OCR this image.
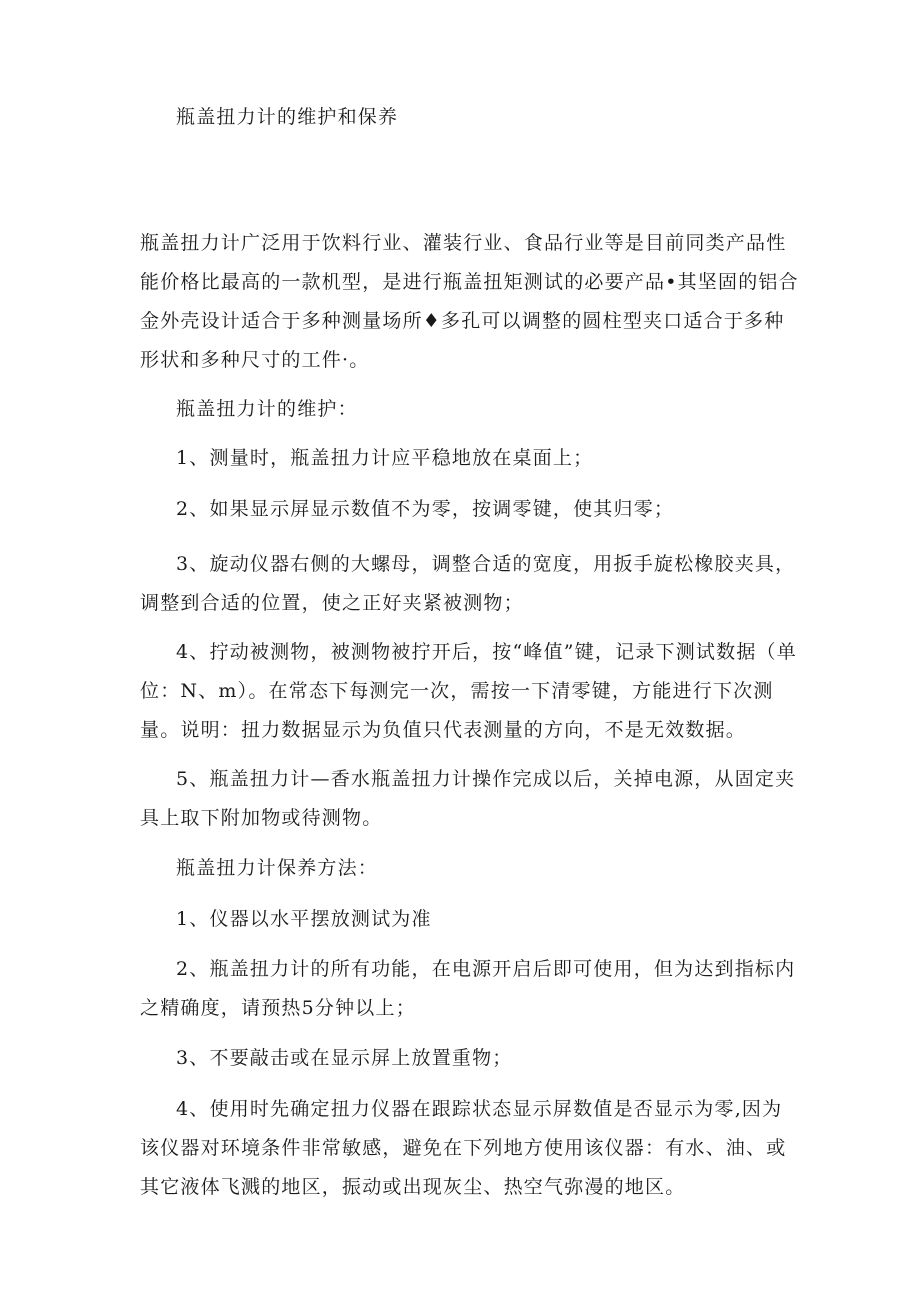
瓶盖扭力计的维护和保养

瓶盖扭力计广泛用于饮料行业、灌装行业、食品行业等是目前同类产品性能价格比最高的一款机型，是进行瓶盖扭矩测试的必要产品•其坚固的铝合金外壳设计适合于多种测量场所♦多孔可以调整的圆柱型夹口适合于多种形状和多种尺寸的工件·。

瓶盖扭力计的维护：

1、测量时，瓶盖扭力计应平稳地放在桌面上；

2、如果显示屏显示数值不为零，按调零键，使其归零；

3、旋动仪器右侧的大螺母，调整合适的宽度，用扳手旋松橡胶夹具，调整到合适的位置，使之正好夹紧被测物；

4、拧动被测物，被测物被拧开后，按“峰值”键，记录下测试数据（单位：N、m）。在常态下每测完一次，需按一下清零键，方能进行下次测量。说明：扭力数据显示为负值只代表测量的方向，不是无效数据。

5、瓶盖扭力计—香水瓶盖扭力计操作完成以后，关掉电源，从固定夹具上取下附加物或待测物。

瓶盖扭力计保养方法：

1、仪器以水平摆放测试为准

2、瓶盖扭力计的所有功能，在电源开启后即可使用，但为达到指标内之精确度，请预热5分钟以上；

3、不要敲击或在显示屏上放置重物；

4、使用时先确定扭力仪器在跟踪状态显示屏数值是否显示为零,因为该仪器对环境条件非常敏感，避免在下列地方使用该仪器：有水、油、或其它液体飞溅的地区，振动或出现灰尘、热空气弥漫的地区。
